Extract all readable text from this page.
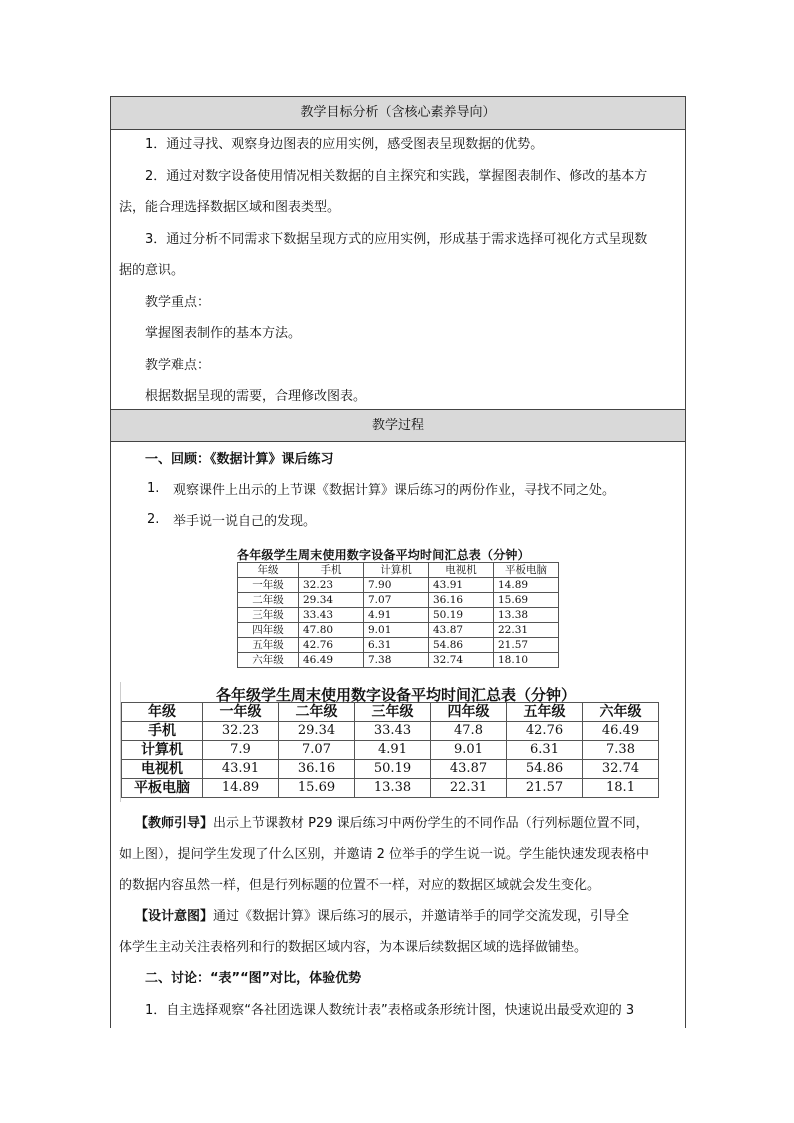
教学目标分析（含核心素养导向）

1．通过寻找、观察身边图表的应用实例，感受图表呈现数据的优势。

2．通过对数字设备使用情况相关数据的自主探究和实践，掌握图表制作、修改的基本方

法，能合理选择数据区域和图表类型。

3．通过分析不同需求下数据呈现方式的应用实例，形成基于需求选择可视化方式呈现数

据的意识。

教学重点：

掌握图表制作的基本方法。

教学难点：

根据数据呈现的需要，合理修改图表。

教学过程

一、回顾：《数据计算》课后练习

1. 观察课件上出示的上节课《数据计算》课后练习的两份作业，寻找不同之处。

2. 举手说一说自己的发现。

【教师引导】出示上节课教材 P29 课后练习中两份学生的不同作品（行列标题位置不同，

如上图），提问学生发现了什么区别，并邀请 2 位举手的学生说一说。学生能快速发现表格中

的数据内容虽然一样，但是行列标题的位置不一样，对应的数据区域就会发生变化。

【设计意图】通过《数据计算》课后练习的展示，并邀请举手的同学交流发现，引导全

体学生主动关注表格列和行的数据区域内容，为本课后续数据区域的选择做铺垫。

二、讨论：“表”“图”对比，体验优势

1．自主选择观察“各社团选课人数统计表”表格或条形统计图，快速说出最受欢迎的 3

各年级学生周末使用数字设备平均时间汇总表（分钟）
年级	手机	计算机	电视机	平板电脑
一年级	32.23	7.90	43.91	14.89
二年级	29.34	7.07	36.16	15.69
三年级	33.43	4.91	50.19	13.38
四年级	47.80	9.01	43.87	22.31
五年级	42.76	6.31	54.86	21.57
六年级	46.49	7.38	32.74	18.10
各年级学生周末使用数字设备平均时间汇总表（分钟）
年级	一年级	二年级	三年级	四年级	五年级	六年级
手机	32.23	29.34	33.43	47.8	42.76	46.49
计算机	7.9	7.07	4.91	9.01	6.31	7.38
电视机	43.91	36.16	50.19	43.87	54.86	32.74
平板电脑	14.89	15.69	13.38	22.31	21.57	18.1
